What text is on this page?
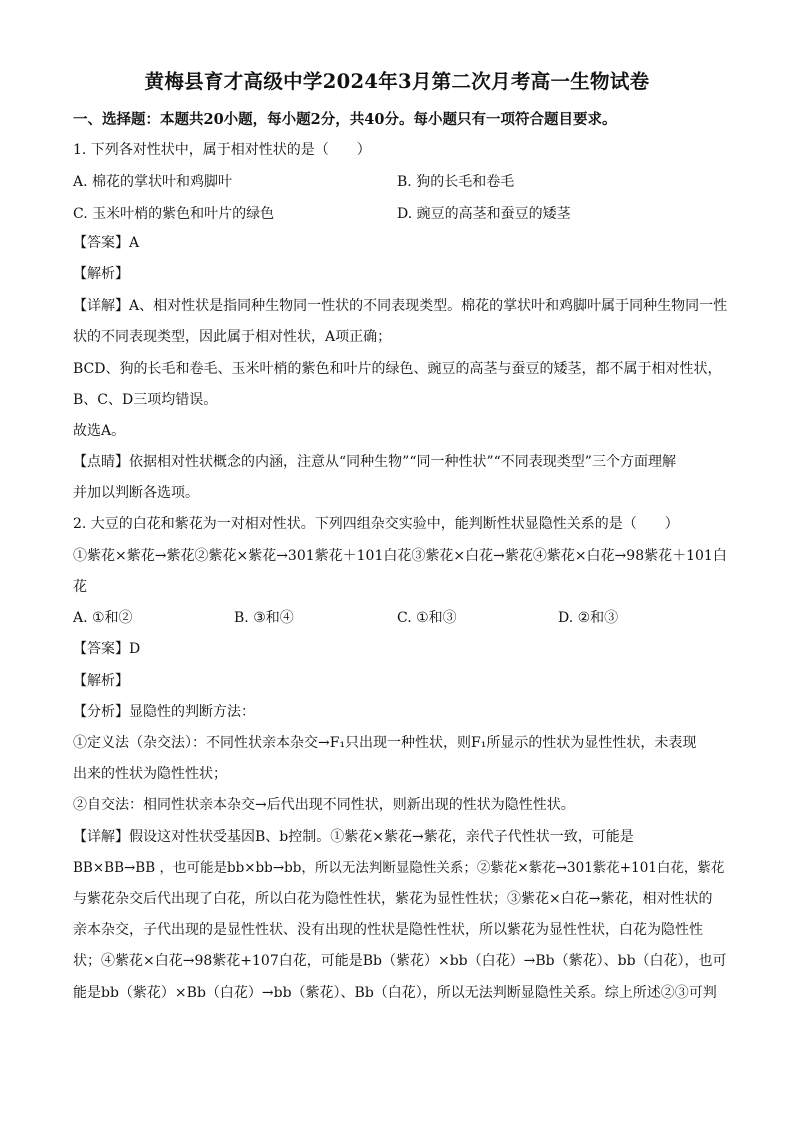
黄梅县育才高级中学2024年3月第二次月考高一生物试卷
一、选择题：本题共20小题，每小题2分，共40分。每小题只有一项符合题目要求。
1. 下列各对性状中，属于相对性状的是（　　）
A. 棉花的掌状叶和鸡脚叶	B. 狗的长毛和卷毛
C. 玉米叶梢的紫色和叶片的绿色	D. 豌豆的高茎和蚕豆的矮茎
【答案】A
【解析】
【详解】A、相对性状是指同种生物同一性状的不同表现类型。棉花的掌状叶和鸡脚叶属于同种生物同一性
状的不同表现类型，因此属于相对性状，A项正确；
BCD、狗的长毛和卷毛、玉米叶梢的紫色和叶片的绿色、豌豆的高茎与蚕豆的矮茎，都不属于相对性状，
B、C、D三项均错误。
故选A。
【点睛】依据相对性状概念的内涵，注意从“同种生物”“同一种性状”“不同表现类型”三个方面理解
并加以判断各选项。
2. 大豆的白花和紫花为一对相对性状。下列四组杂交实验中，能判断性状显隐性关系的是（　　）
①紫花×紫花→紫花②紫花×紫花→301紫花＋101白花③紫花×白花→紫花④紫花×白花→98紫花＋101白
花
A. ①和②	B. ③和④	C. ①和③	D. ②和③
【答案】D
【解析】
【分析】显隐性的判断方法：
①定义法（杂交法）：不同性状亲本杂交→F₁只出现一种性状，则F₁所显示的性状为显性性状，未表现
出来的性状为隐性性状；
②自交法：相同性状亲本杂交→后代出现不同性状，则新出现的性状为隐性性状。
【详解】假设这对性状受基因B、b控制。①紫花×紫花→紫花，亲代子代性状一致，可能是
BB×BB→BB ，也可能是bb×bb→bb，所以无法判断显隐性关系；②紫花×紫花→301紫花+101白花，紫花
与紫花杂交后代出现了白花，所以白花为隐性性状，紫花为显性性状；③紫花×白花→紫花，相对性状的
亲本杂交，子代出现的是显性性状、没有出现的性状是隐性性状，所以紫花为显性性状，白花为隐性性
状；④紫花×白花→98紫花+107白花，可能是Bb（紫花）×bb（白花）→Bb（紫花）、bb（白花），也可
能是bb（紫花）×Bb（白花）→bb（紫花）、Bb（白花），所以无法判断显隐性关系。综上所述②③可判
